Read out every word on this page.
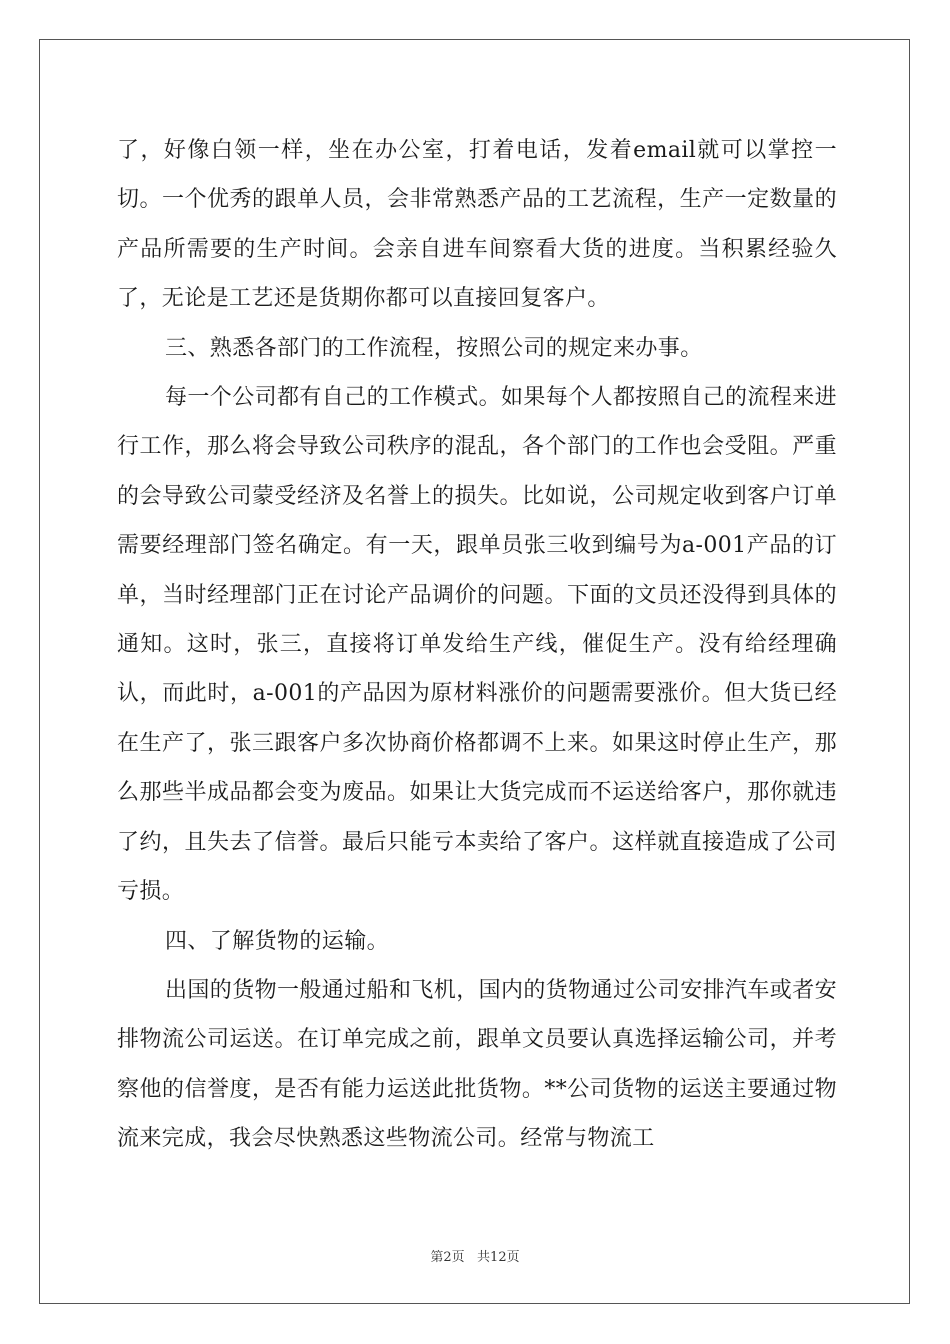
了，好像白领一样，坐在办公室，打着电话，发着email就可以掌控一切。一个优秀的跟单人员，会非常熟悉产品的工艺流程，生产一定数量的产品所需要的生产时间。会亲自进车间察看大货的进度。当积累经验久了，无论是工艺还是货期你都可以直接回复客户。

三、熟悉各部门的工作流程，按照公司的规定来办事。

每一个公司都有自己的工作模式。如果每个人都按照自己的流程来进行工作，那么将会导致公司秩序的混乱，各个部门的工作也会受阻。严重的会导致公司蒙受经济及名誉上的损失。比如说，公司规定收到客户订单需要经理部门签名确定。有一天，跟单员张三收到编号为a-001产品的订单，当时经理部门正在讨论产品调价的问题。下面的文员还没得到具体的通知。这时，张三，直接将订单发给生产线，催促生产。没有给经理确认，而此时，a-001的产品因为原材料涨价的问题需要涨价。但大货已经在生产了，张三跟客户多次协商价格都调不上来。如果这时停止生产，那么那些半成品都会变为废品。如果让大货完成而不运送给客户，那你就违了约，且失去了信誉。最后只能亏本卖给了客户。这样就直接造成了公司亏损。

四、了解货物的运输。

出国的货物一般通过船和飞机，国内的货物通过公司安排汽车或者安排物流公司运送。在订单完成之前，跟单文员要认真选择运输公司，并考察他的信誉度，是否有能力运送此批货物。**公司货物的运送主要通过物流来完成，我会尽快熟悉这些物流公司。经常与物流工

第2页   共12页
